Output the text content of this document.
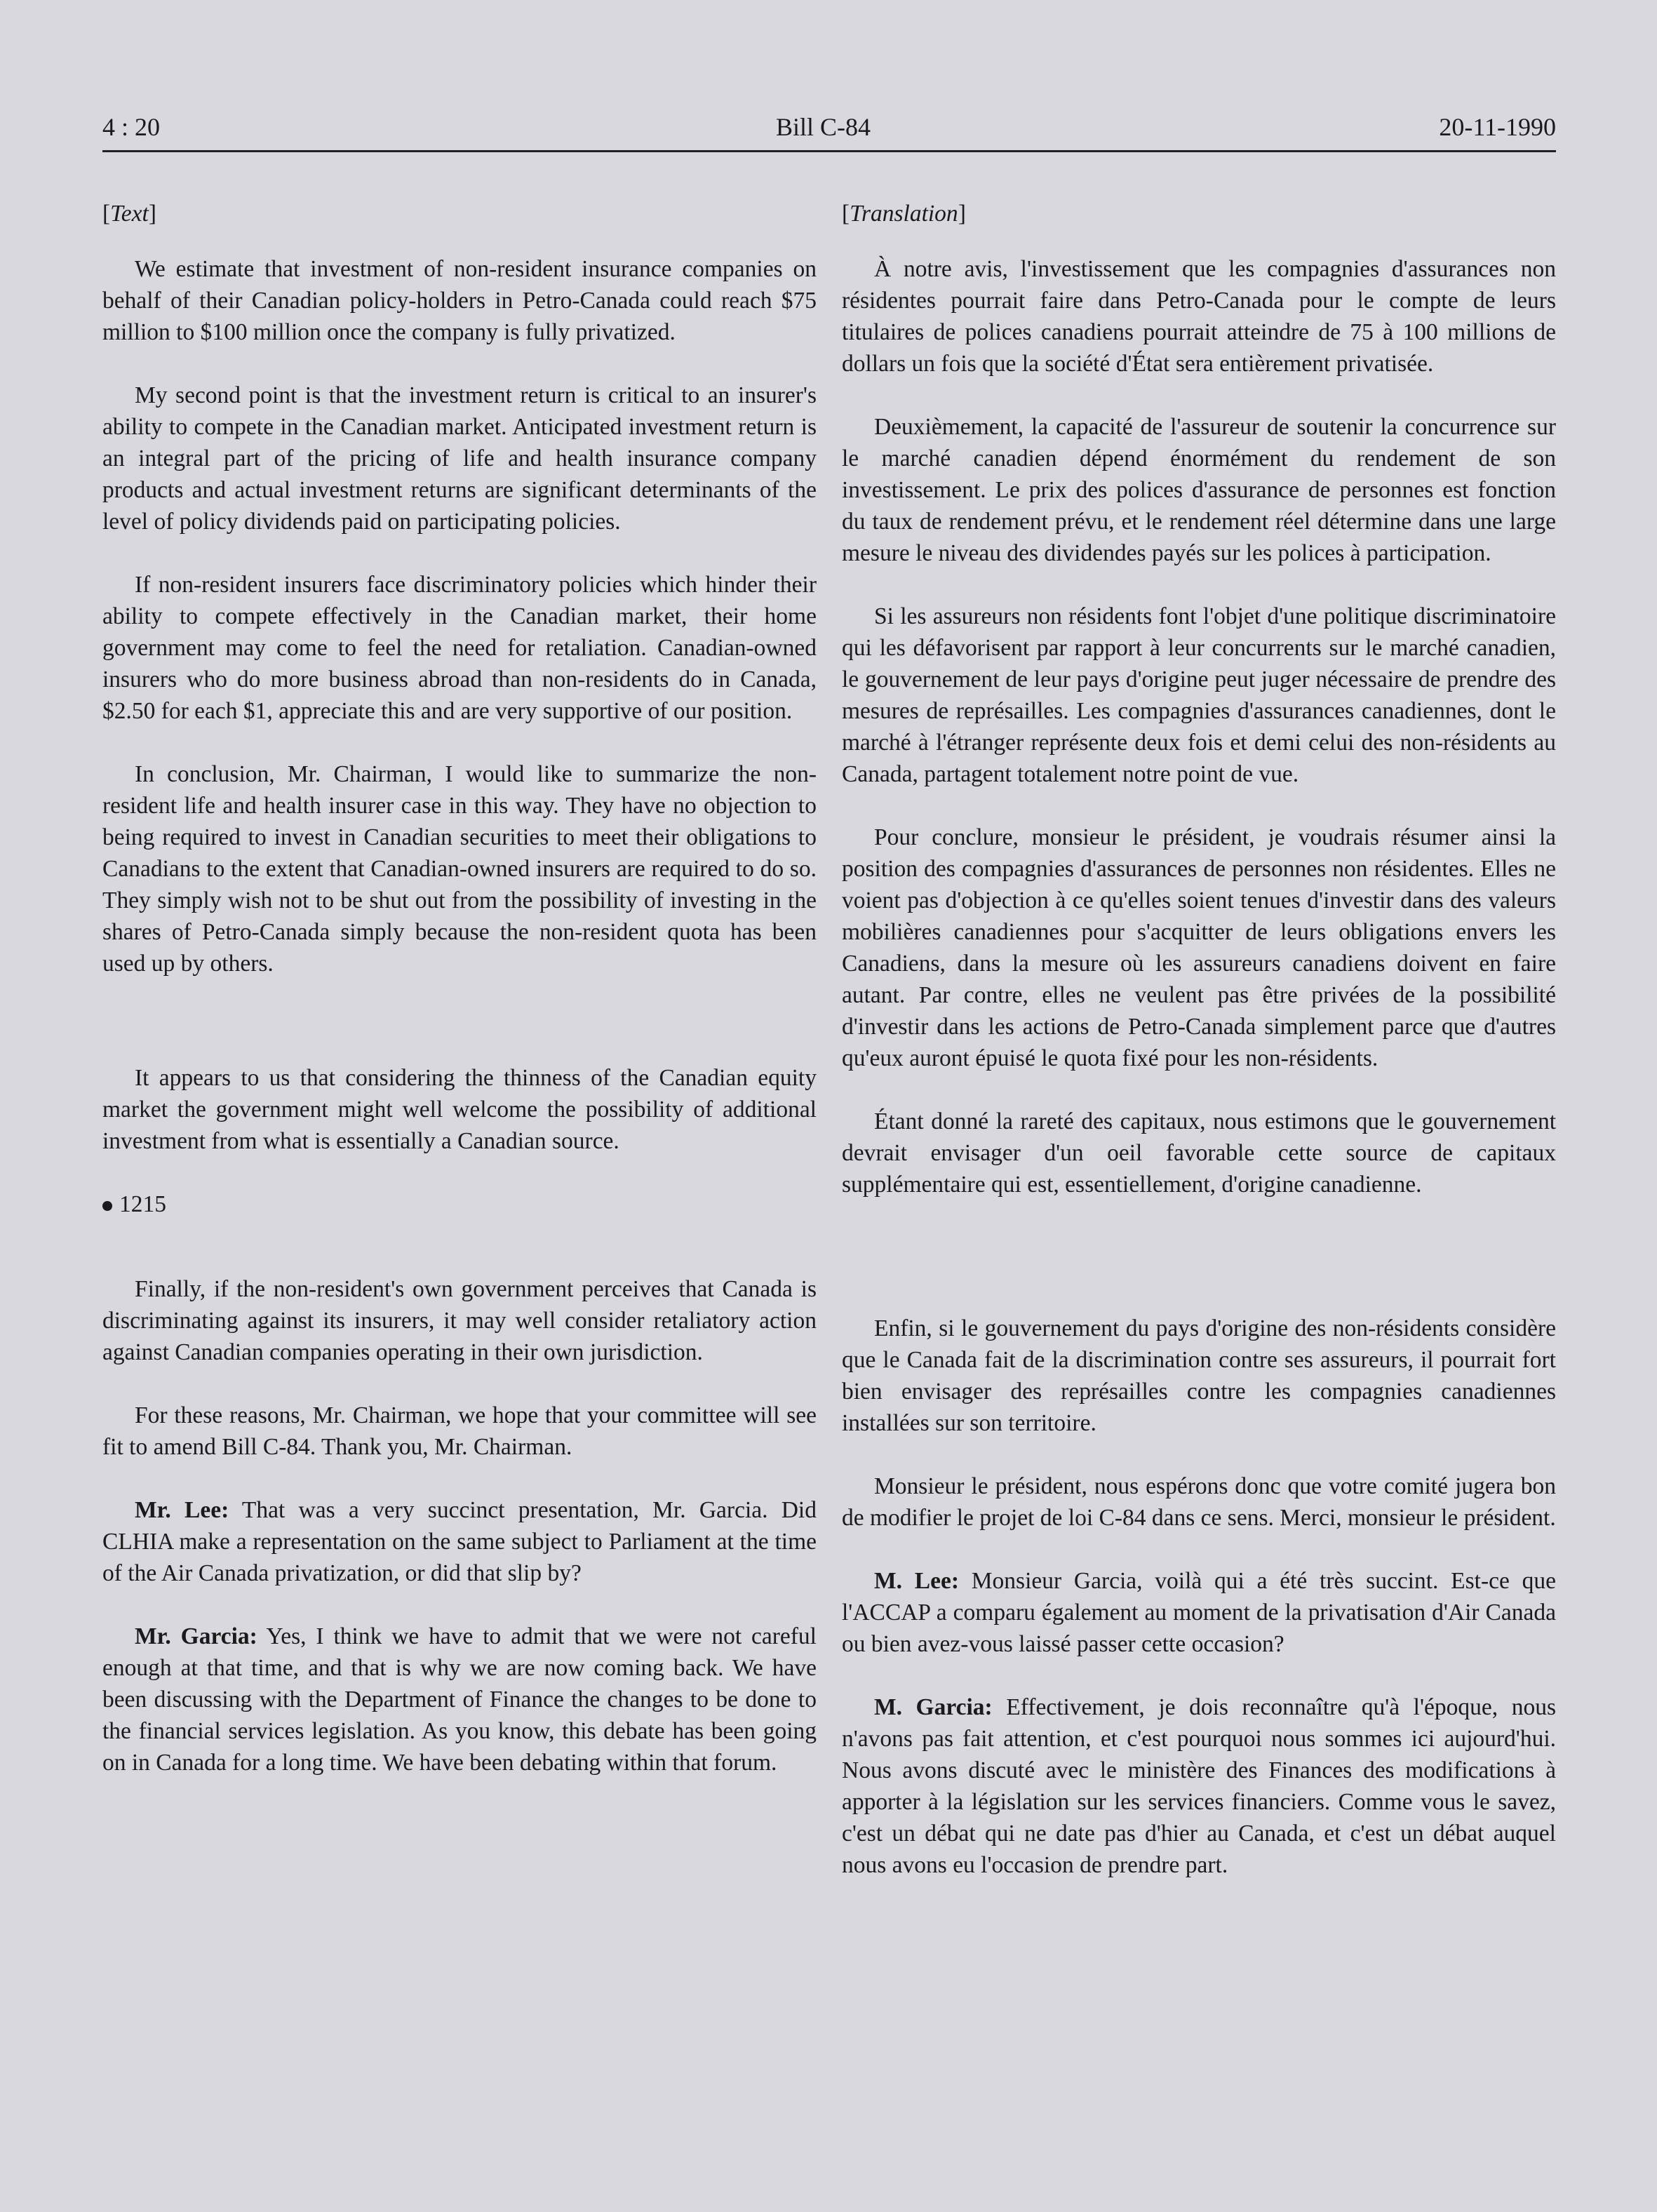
4 : 20	Bill C-84	20-11-1990

[Text]

We estimate that investment of non-resident insurance companies on behalf of their Canadian policy-holders in Petro-Canada could reach $75 million to $100 million once the company is fully privatized.

My second point is that the investment return is critical to an insurer's ability to compete in the Canadian market. Anticipated investment return is an integral part of the pricing of life and health insurance company products and actual investment returns are significant determinants of the level of policy dividends paid on participating policies.

If non-resident insurers face discriminatory policies which hinder their ability to compete effectively in the Canadian market, their home government may come to feel the need for retaliation. Canadian-owned insurers who do more business abroad than non-residents do in Canada, $2.50 for each $1, appreciate this and are very supportive of our position.

In conclusion, Mr. Chairman, I would like to summarize the non-resident life and health insurer case in this way. They have no objection to being required to invest in Canadian securities to meet their obligations to Canadians to the extent that Canadian-owned insurers are required to do so. They simply wish not to be shut out from the possibility of investing in the shares of Petro-Canada simply because the non-resident quota has been used up by others.

It appears to us that considering the thinness of the Canadian equity market the government might well welcome the possibility of additional investment from what is essentially a Canadian source.

1215

Finally, if the non-resident's own government perceives that Canada is discriminating against its insurers, it may well consider retaliatory action against Canadian companies operating in their own jurisdiction.

For these reasons, Mr. Chairman, we hope that your committee will see fit to amend Bill C-84. Thank you, Mr. Chairman.

Mr. Lee: That was a very succinct presentation, Mr. Garcia. Did CLHIA make a representation on the same subject to Parliament at the time of the Air Canada privatization, or did that slip by?

Mr. Garcia: Yes, I think we have to admit that we were not careful enough at that time, and that is why we are now coming back. We have been discussing with the Department of Finance the changes to be done to the financial services legislation. As you know, this debate has been going on in Canada for a long time. We have been debating within that forum.

[Translation]

À notre avis, l'investissement que les compagnies d'assurances non résidentes pourrait faire dans Petro-Canada pour le compte de leurs titulaires de polices canadiens pourrait atteindre de 75 à 100 millions de dollars un fois que la société d'État sera entièrement privatisée.

Deuxièmement, la capacité de l'assureur de soutenir la concurrence sur le marché canadien dépend énormément du rendement de son investissement. Le prix des polices d'assurance de personnes est fonction du taux de rendement prévu, et le rendement réel détermine dans une large mesure le niveau des dividendes payés sur les polices à participation.

Si les assureurs non résidents font l'objet d'une politique discriminatoire qui les défavorisent par rapport à leur concurrents sur le marché canadien, le gouvernement de leur pays d'origine peut juger nécessaire de prendre des mesures de représailles. Les compagnies d'assurances canadiennes, dont le marché à l'étranger représente deux fois et demi celui des non-résidents au Canada, partagent totalement notre point de vue.

Pour conclure, monsieur le président, je voudrais résumer ainsi la position des compagnies d'assurances de personnes non résidentes. Elles ne voient pas d'objection à ce qu'elles soient tenues d'investir dans des valeurs mobilières canadiennes pour s'acquitter de leurs obligations envers les Canadiens, dans la mesure où les assureurs canadiens doivent en faire autant. Par contre, elles ne veulent pas être privées de la possibilité d'investir dans les actions de Petro-Canada simplement parce que d'autres qu'eux auront épuisé le quota fixé pour les non-résidents.

Étant donné la rareté des capitaux, nous estimons que le gouvernement devrait envisager d'un oeil favorable cette source de capitaux supplémentaire qui est, essentiellement, d'origine canadienne.

Enfin, si le gouvernement du pays d'origine des non-résidents considère que le Canada fait de la discrimination contre ses assureurs, il pourrait fort bien envisager des représailles contre les compagnies canadiennes installées sur son territoire.

Monsieur le président, nous espérons donc que votre comité jugera bon de modifier le projet de loi C-84 dans ce sens. Merci, monsieur le président.

M. Lee: Monsieur Garcia, voilà qui a été très succint. Est-ce que l'ACCAP a comparu également au moment de la privatisation d'Air Canada ou bien avez-vous laissé passer cette occasion?

M. Garcia: Effectivement, je dois reconnaître qu'à l'époque, nous n'avons pas fait attention, et c'est pourquoi nous sommes ici aujourd'hui. Nous avons discuté avec le ministère des Finances des modifications à apporter à la législation sur les services financiers. Comme vous le savez, c'est un débat qui ne date pas d'hier au Canada, et c'est un débat auquel nous avons eu l'occasion de prendre part.
